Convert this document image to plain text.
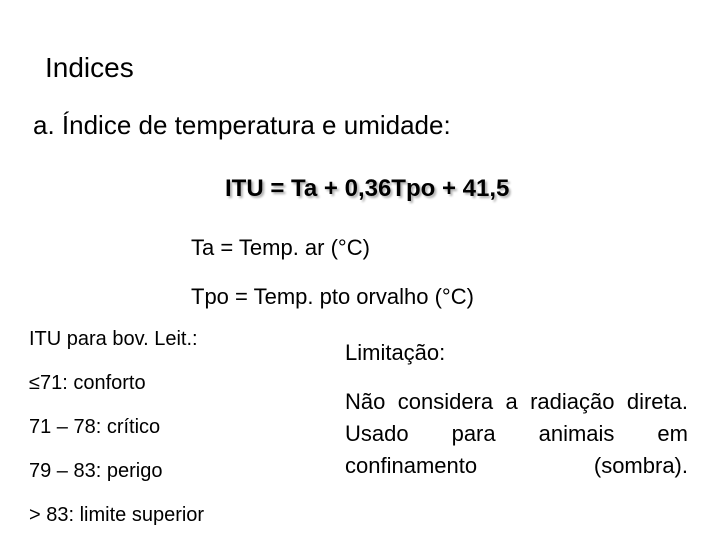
Indices
a. Índice de temperatura e umidade:
ITU = Ta + 0,36Tpo + 41,5
Ta = Temp. ar (°C)
Tpo = Temp. pto orvalho (°C)
ITU para bov. Leit.:
≤71: conforto
71 – 78: crítico
79 – 83: perigo
> 83: limite superior
Limitação:
Não considera a radiação direta. Usado para animais em confinamento (sombra).
